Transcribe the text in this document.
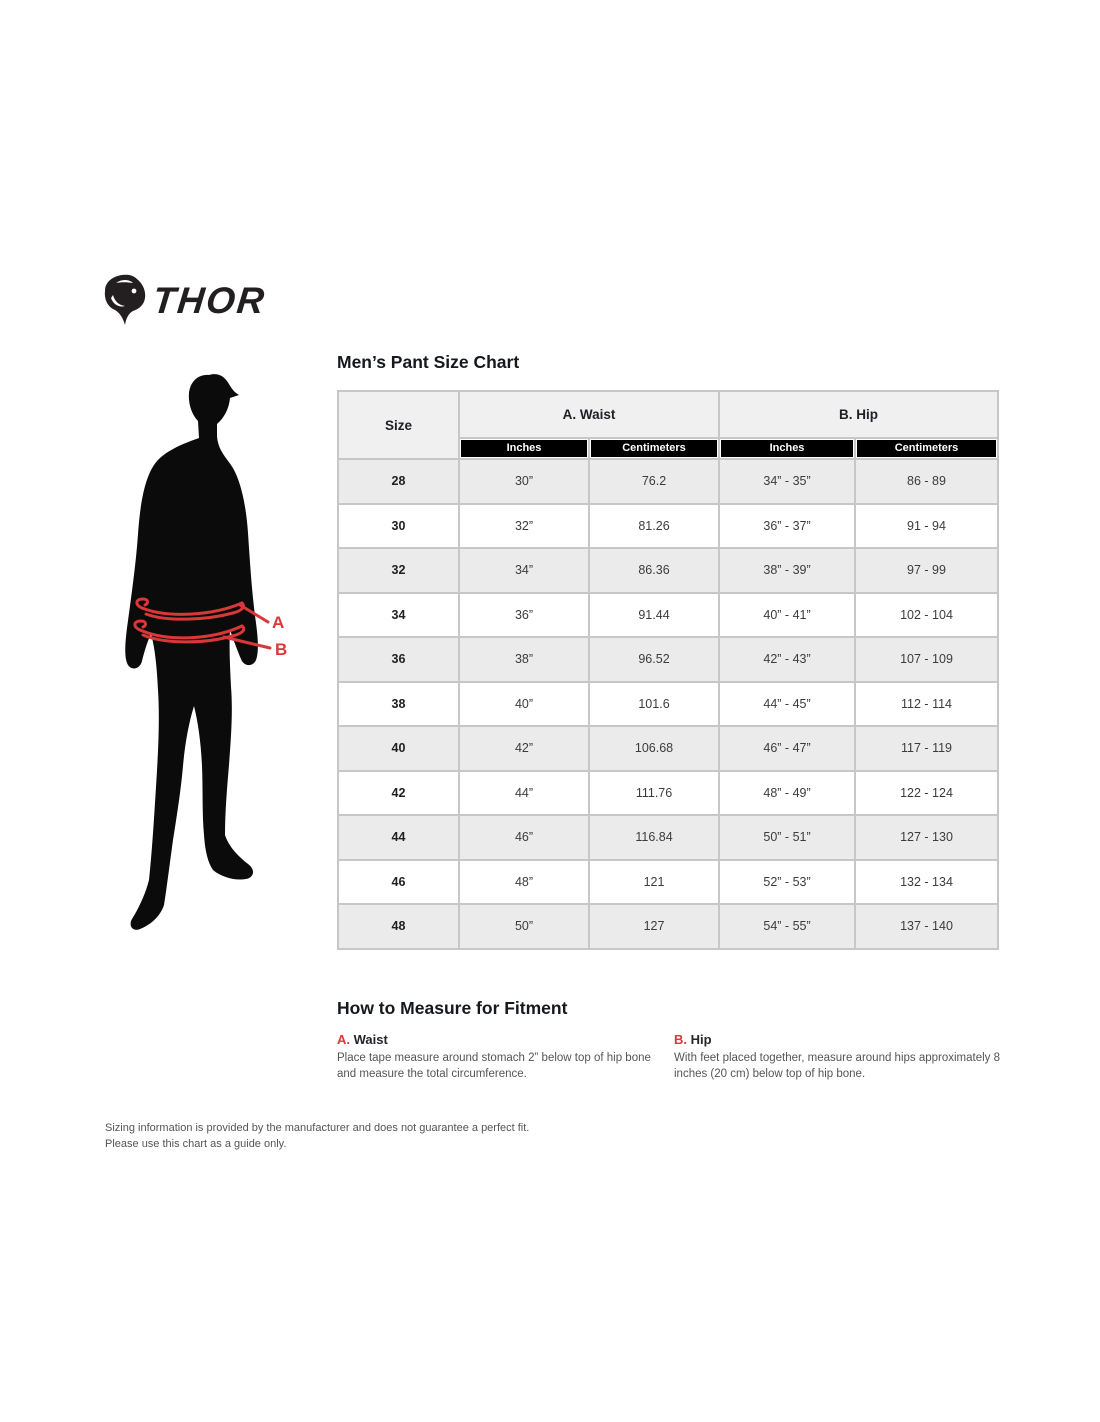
THOR
A
B
Men’s Pant Size Chart
Size	A. Waist		B. Hip	

	Inches	Centimeters	Inches	Centimeters

28	30”	76.2	34” - 35”	86 - 89
30	32”	81.26	36” - 37”	91 - 94
32	34”	86.36	38” - 39”	97 - 99
34	36”	91.44	40” - 41”	102 - 104
36	38”	96.52	42” - 43”	107 - 109
38	40”	101.6	44” - 45”	112 - 114
40	42”	106.68	46” - 47”	117 - 119
42	44”	111.76	48” - 49”	122 - 124
44	46”	116.84	50” - 51”	127 - 130
46	48”	121	52” - 53”	132 - 134
48	50”	127	54” - 55”	137 - 140
How to Measure for Fitment
A. Waist
Place tape measure around stomach 2” below top of hip bone and measure the total circumference.
B. Hip
With feet placed together, measure around hips approximately 8 inches (20 cm) below top of hip bone.
Sizing information is provided by the manufacturer and does not guarantee a perfect fit.
Please use this chart as a guide only.
